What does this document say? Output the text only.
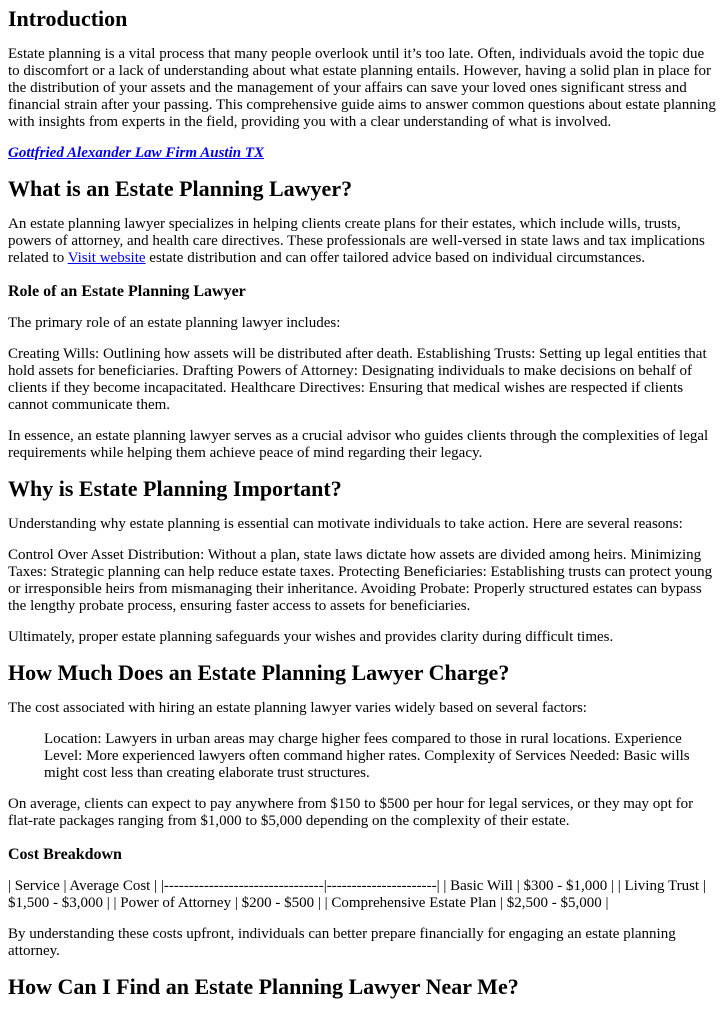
Introduction

Estate planning is a vital process that many people overlook until it’s too late. Often, individuals avoid the topic due to discomfort or a lack of understanding about what estate planning entails. However, having a solid plan in place for the distribution of your assets and the management of your affairs can save your loved ones significant stress and financial strain after your passing. This comprehensive guide aims to answer common questions about estate planning with insights from experts in the field, providing you with a clear understanding of what is involved.

Gottfried Alexander Law Firm Austin TX

What is an Estate Planning Lawyer?

An estate planning lawyer specializes in helping clients create plans for their estates, which include wills, trusts, powers of attorney, and health care directives. These professionals are well-versed in state laws and tax implications related to Visit website estate distribution and can offer tailored advice based on individual circumstances.

Role of an Estate Planning Lawyer

The primary role of an estate planning lawyer includes:

Creating Wills: Outlining how assets will be distributed after death. Establishing Trusts: Setting up legal entities that hold assets for beneficiaries. Drafting Powers of Attorney: Designating individuals to make decisions on behalf of clients if they become incapacitated. Healthcare Directives: Ensuring that medical wishes are respected if clients cannot communicate them.

In essence, an estate planning lawyer serves as a crucial advisor who guides clients through the complexities of legal requirements while helping them achieve peace of mind regarding their legacy.

Why is Estate Planning Important?

Understanding why estate planning is essential can motivate individuals to take action. Here are several reasons:

Control Over Asset Distribution: Without a plan, state laws dictate how assets are divided among heirs. Minimizing Taxes: Strategic planning can help reduce estate taxes. Protecting Beneficiaries: Establishing trusts can protect young or irresponsible heirs from mismanaging their inheritance. Avoiding Probate: Properly structured estates can bypass the lengthy probate process, ensuring faster access to assets for beneficiaries.

Ultimately, proper estate planning safeguards your wishes and provides clarity during difficult times.

How Much Does an Estate Planning Lawyer Charge?

The cost associated with hiring an estate planning lawyer varies widely based on several factors:

Location: Lawyers in urban areas may charge higher fees compared to those in rural locations. Experience Level: More experienced lawyers often command higher rates. Complexity of Services Needed: Basic wills might cost less than creating elaborate trust structures.

On average, clients can expect to pay anywhere from $150 to $500 per hour for legal services, or they may opt for flat-rate packages ranging from $1,000 to $5,000 depending on the complexity of their estate.

Cost Breakdown

| Service | Average Cost | |--------------------------------|----------------------| | Basic Will | $300 - $1,000 | | Living Trust | $1,500 - $3,000 | | Power of Attorney | $200 - $500 | | Comprehensive Estate Plan | $2,500 - $5,000 |

By understanding these costs upfront, individuals can better prepare financially for engaging an estate planning attorney.

How Can I Find an Estate Planning Lawyer Near Me?
